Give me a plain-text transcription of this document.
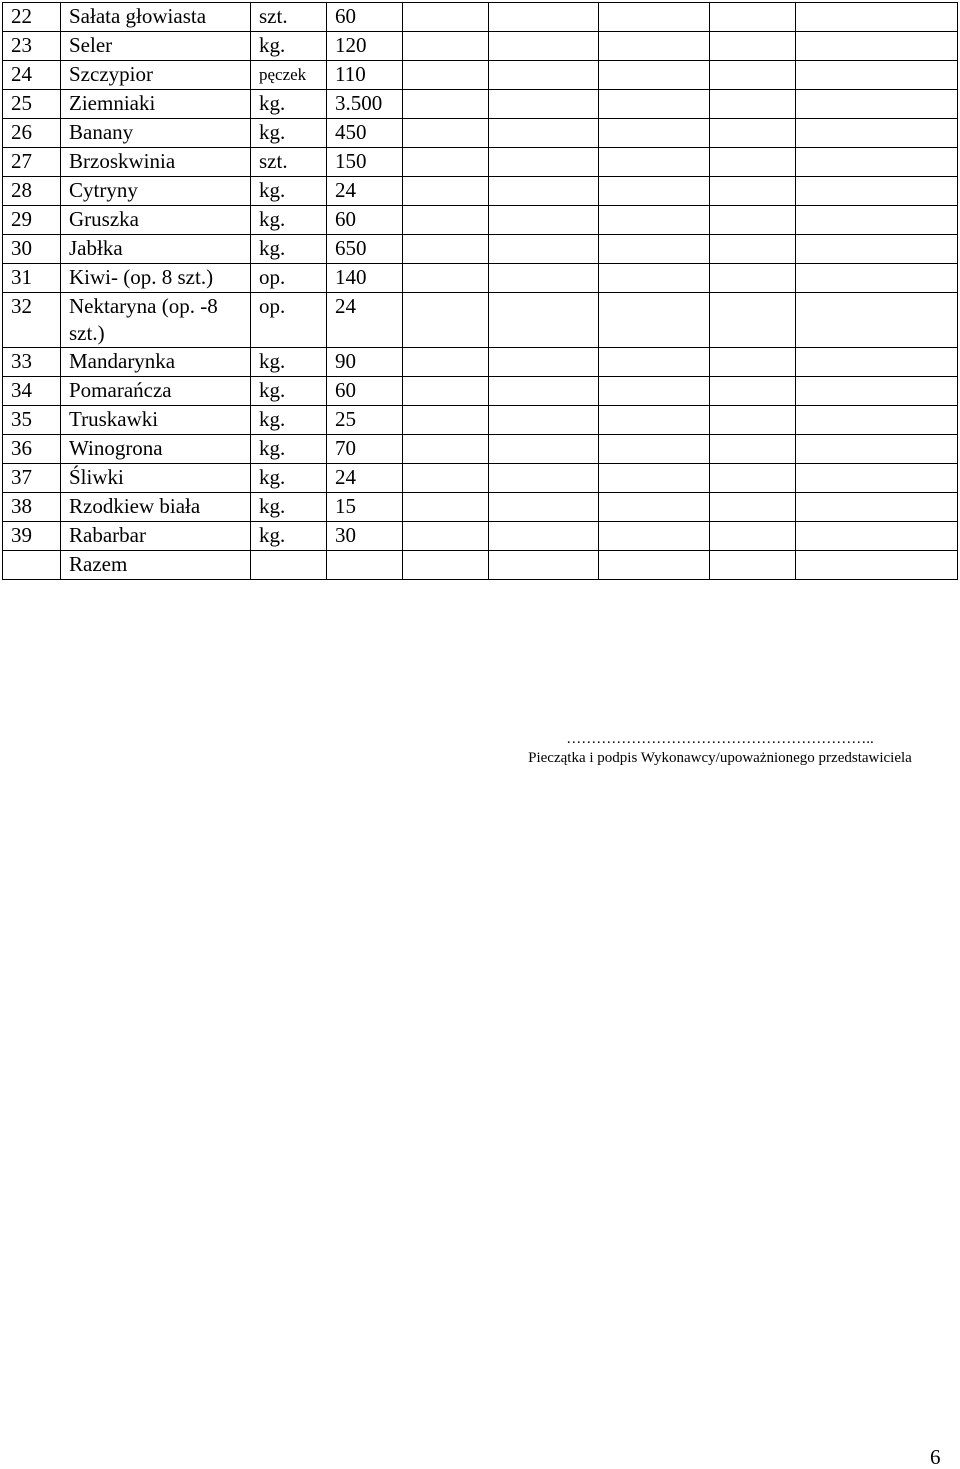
22	Sałata głowiasta	szt.	60					
23	Seler	kg.	120					
24	Szczypior	pęczek	110					
25	Ziemniaki	kg.	3.500					
26	Banany	kg.	450					
27	Brzoskwinia	szt.	150					
28	Cytryny	kg.	24					
29	Gruszka	kg.	60					
30	Jabłka	kg.	650					
31	Kiwi- (op. 8 szt.)	op.	140					
32	Nektaryna (op. -8 szt.)	op.	24					
33	Mandarynka	kg.	90					
34	Pomarańcza	kg.	60					
35	Truskawki	kg.	25					
36	Winogrona	kg.	70					
37	Śliwki	kg.	24					
38	Rzodkiew biała	kg.	15					
39	Rabarbar	kg.	30					
	Razem							
……………………………………………………..
Pieczątka i podpis Wykonawcy/upoważnionego przedstawiciela
6
